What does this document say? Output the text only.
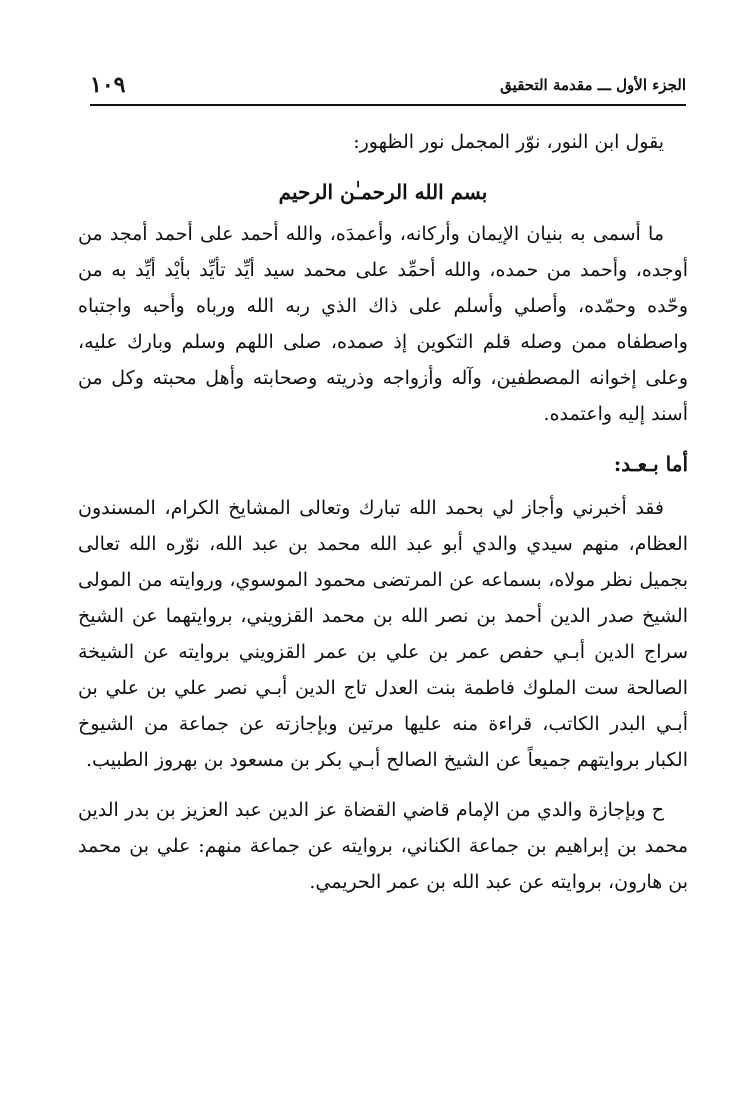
الجزء الأول ـــ مقدمة التحقيق
١٠٩

يقول ابن النور، نوّر المجمل نور الظهور:

بسم الله الرحمـٰن الرحيم

ما أسمى به بنيان الإيمان وأركانه، وأعمدَه، والله أحمد على أحمد أمجد من أوجده، وأحمد من حمده، والله أحمِّد على محمد سيد أيِّد تأيِّد بأيْد أيِّد به من وحّده وحمّده، وأصلي وأسلم على ذاك الذي ربه الله ورباه وأحبه واجتباه واصطفاه ممن وصله قلم التكوين إذ صمده، صلى اللهم وسلم وبارك عليه، وعلى إخوانه المصطفين، وآله وأزواجه وذريته وصحابته وأهل محبته وكل من أسند إليه واعتمده.

أما بـعـد:

فقد أخبرني وأجاز لي بحمد الله تبارك وتعالى المشايخ الكرام، المسندون العظام، منهم سيدي والدي أبو عبد الله محمد بن عبد الله، نوّره الله تعالى بجميل نظر مولاه، بسماعه عن المرتضى محمود الموسوي، وروايته من المولى الشيخ صدر الدين أحمد بن نصر الله بن محمد القزويني، بروايتهما عن الشيخ سراج الدين أبـي حفص عمر بن علي بن عمر القزويني بروايته عن الشيخة الصالحة ست الملوك فاطمة بنت العدل تاج الدين أبـي نصر علي بن علي بن أبـي البدر الكاتب، قراءة منه عليها مرتين وبإجازته عن جماعة من الشيوخ الكبار بروايتهم جميعاً عن الشيخ الصالح أبـي بكر بن مسعود بن بهروز الطبيب.

ح وبإجازة والدي من الإمام قاضي القضاة عز الدين عبد العزيز بن بدر الدين محمد بن إبراهيم بن جماعة الكناني، بروايته عن جماعة منهم: علي بن محمد بن هارون، بروايته عن عبد الله بن عمر الحريمي.
